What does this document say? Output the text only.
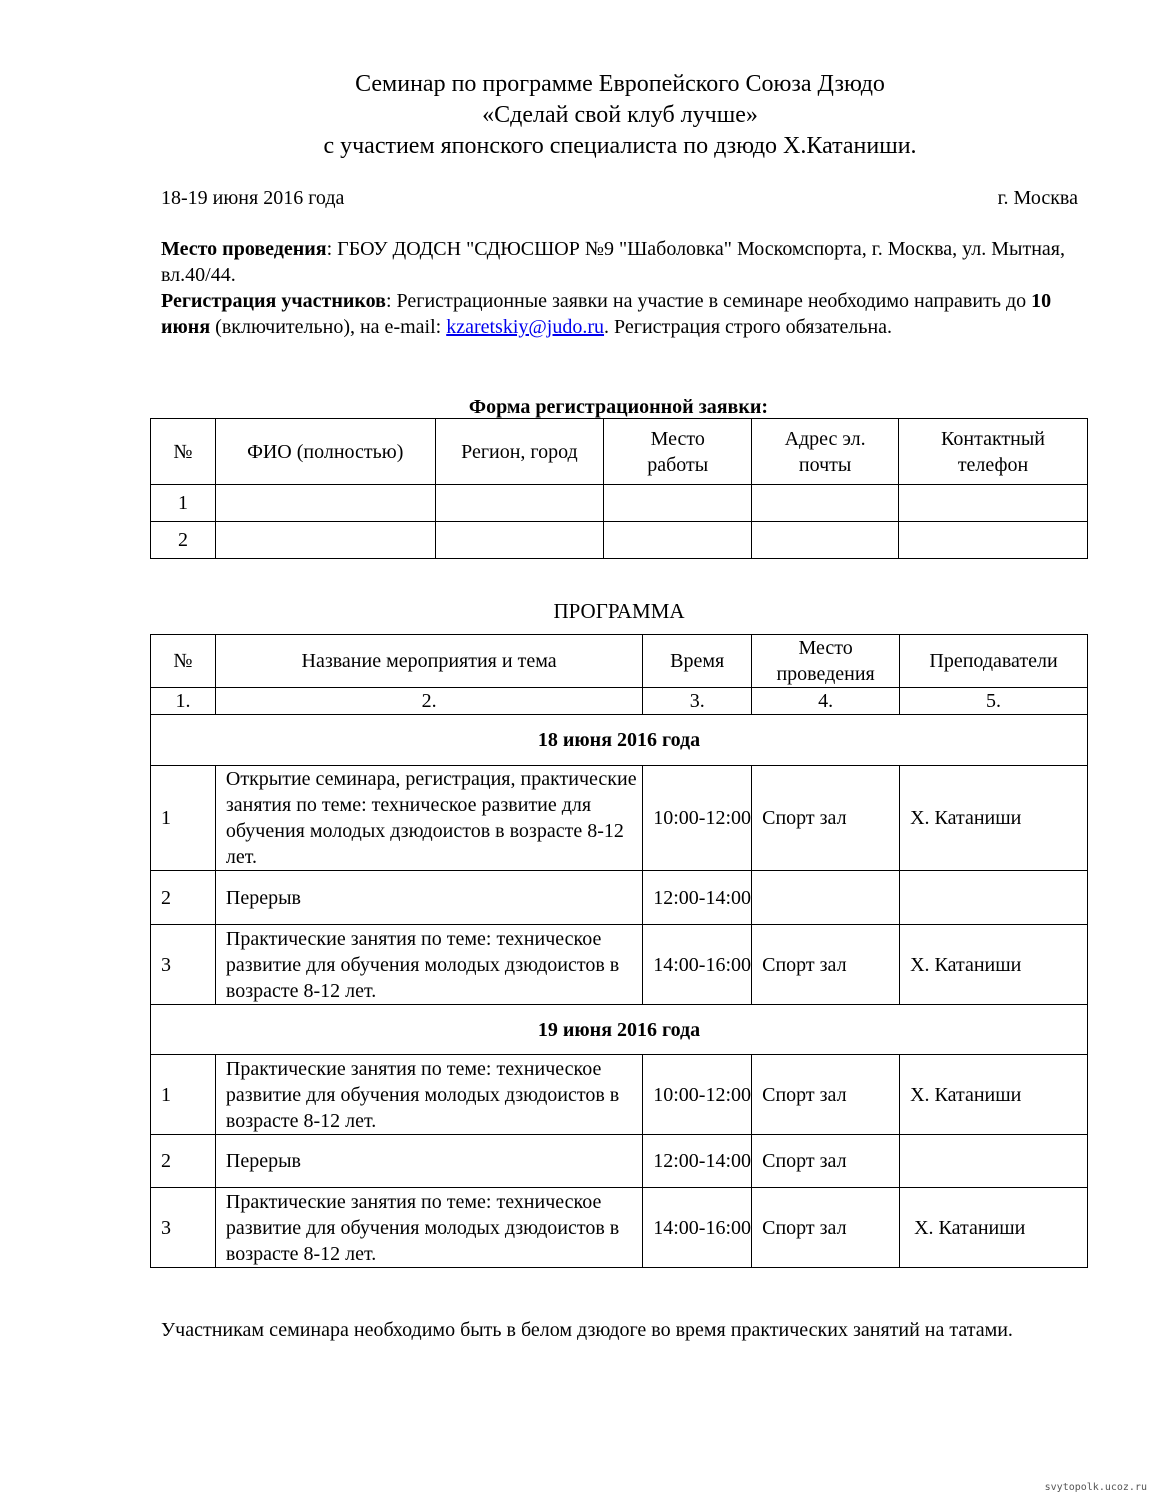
Семинар по программе Европейского Союза Дзюдо
«Сделай свой клуб лучше»
с участием японского специалиста по дзюдо Х.Катаниши.
18-19 июня 2016 года	г. Москва

Место проведения: ГБОУ ДОДСН "СДЮСШОР №9 "Шаболовка" Москомспорта, г. Москва, ул. Мытная, вл.40/44.

Регистрация участников: Регистрационные заявки на участие в семинаре необходимо направить до 10 июня (включительно), на e-mail: kzaretskiy@judo.ru. Регистрация строго обязательна.

Форма регистрационной заявки:
№	ФИО (полностью)	Регион, город	Место работы	Адрес эл. почты	Контактный телефон
1					
2					
ПРОГРАММА
№	Название мероприятия и тема	Время	Место проведения	Преподаватели
1.	2.	3.	4.	5.
18 июня 2016 года				
1	Открытие семинара, регистрация, практические занятия по теме: техническое развитие для обучения молодых дзюдоистов в возрасте 8-12 лет.	10:00-12:00	Спорт зал	Х. Катаниши
2	Перерыв	12:00-14:00		
3	Практические занятия по теме: техническое развитие для обучения молодых дзюдоистов в возрасте 8-12 лет.	14:00-16:00	Спорт зал	Х. Катаниши
19 июня 2016 года				
1	Практические занятия по теме: техническое развитие для обучения молодых дзюдоистов в возрасте 8-12 лет.	10:00-12:00	Спорт зал	Х. Катаниши
2	Перерыв	12:00-14:00	Спорт зал	
3	Практические занятия по теме: техническое развитие для обучения молодых дзюдоистов в возрасте 8-12 лет.	14:00-16:00	Спорт зал	Х. Катаниши
Участникам семинара необходимо быть в белом дзюдоге во время практических занятий на татами.
svytopolk.ucoz.ru
